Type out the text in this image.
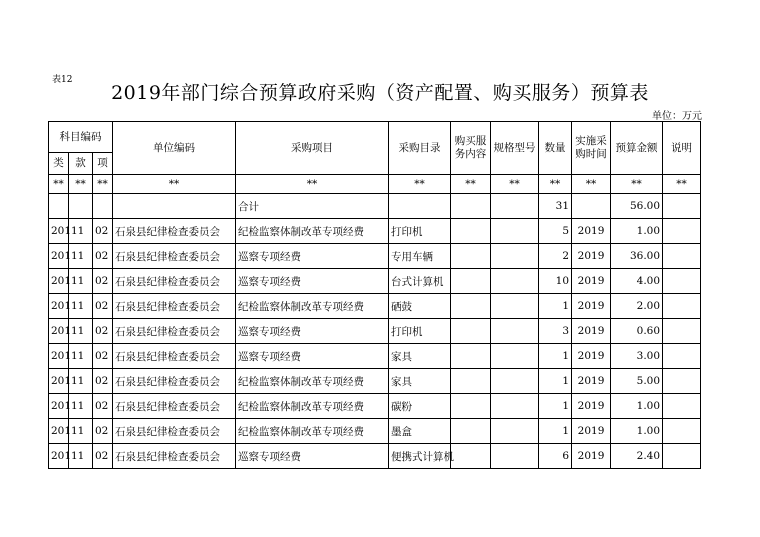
表12
2019年部门综合预算政府采购（资产配置、购买服务）预算表
单位：万元
科目编码			单位编码	采购项目	采购目录	购买服务内容	规格型号	数量	实施采购时间	预算金额	说明
类	款	项									
**	**	**	**	**	**	**	**	**	**	**	**
				合计				31		56.00	
201	11	02	石泉县纪律检查委员会	纪检监察体制改革专项经费	打印机			5	2019	1.00	
201	11	02	石泉县纪律检查委员会	巡察专项经费	专用车辆			2	2019	36.00	
201	11	02	石泉县纪律检查委员会	巡察专项经费	台式计算机			10	2019	4.00	
201	11	02	石泉县纪律检查委员会	纪检监察体制改革专项经费	硒鼓			1	2019	2.00	
201	11	02	石泉县纪律检查委员会	巡察专项经费	打印机			3	2019	0.60	
201	11	02	石泉县纪律检查委员会	巡察专项经费	家具			1	2019	3.00	
201	11	02	石泉县纪律检查委员会	纪检监察体制改革专项经费	家具			1	2019	5.00	
201	11	02	石泉县纪律检查委员会	纪检监察体制改革专项经费	碳粉			1	2019	1.00	
201	11	02	石泉县纪律检查委员会	纪检监察体制改革专项经费	墨盒			1	2019	1.00	
201	11	02	石泉县纪律检查委员会	巡察专项经费	便携式计算机			6	2019	2.40	
